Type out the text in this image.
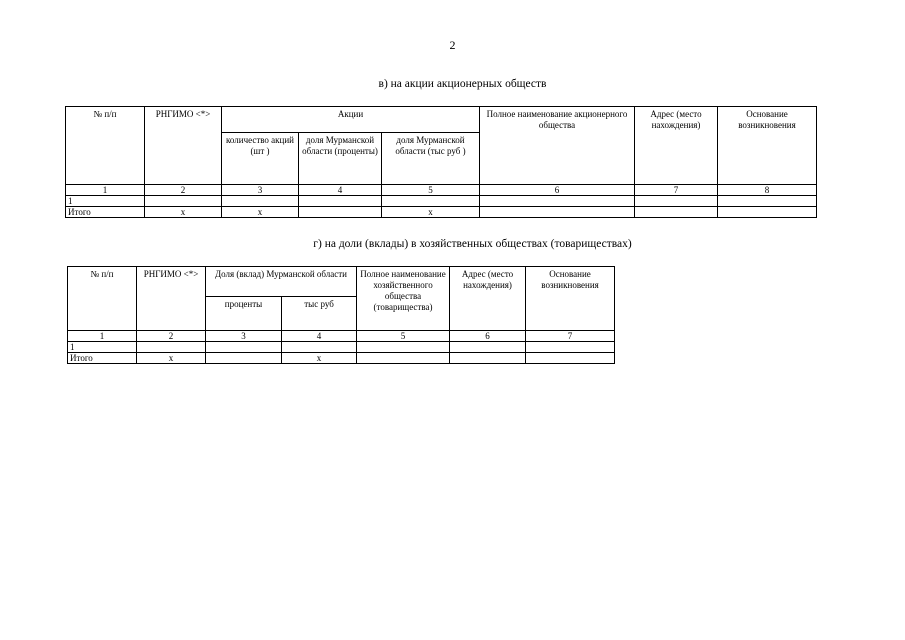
2
в) на акции акционерных обществ
№ п/п	РНГИМО <*>	Акции			Полное наименование акционерного общества	Адрес (место нахождения)	Основание возникновения
		количество акций (шт )	доля Мурманской области (проценты)	доля Мурманской области (тыс руб )			
1	2	3	4	5	6	7	8
1							
Итого	x	x		x			
г) на доли (вклады) в хозяйственных обществах (товариществах)
№ п/п	РНГИМО <*>	Доля (вклад) Мурманской области		Полное наименование хозяйственного общества (товарищества)	Адрес (место нахождения)	Основание возникновения
		проценты	тыс руб			
1	2	3	4	5	6	7
1						
Итого	x		x			
